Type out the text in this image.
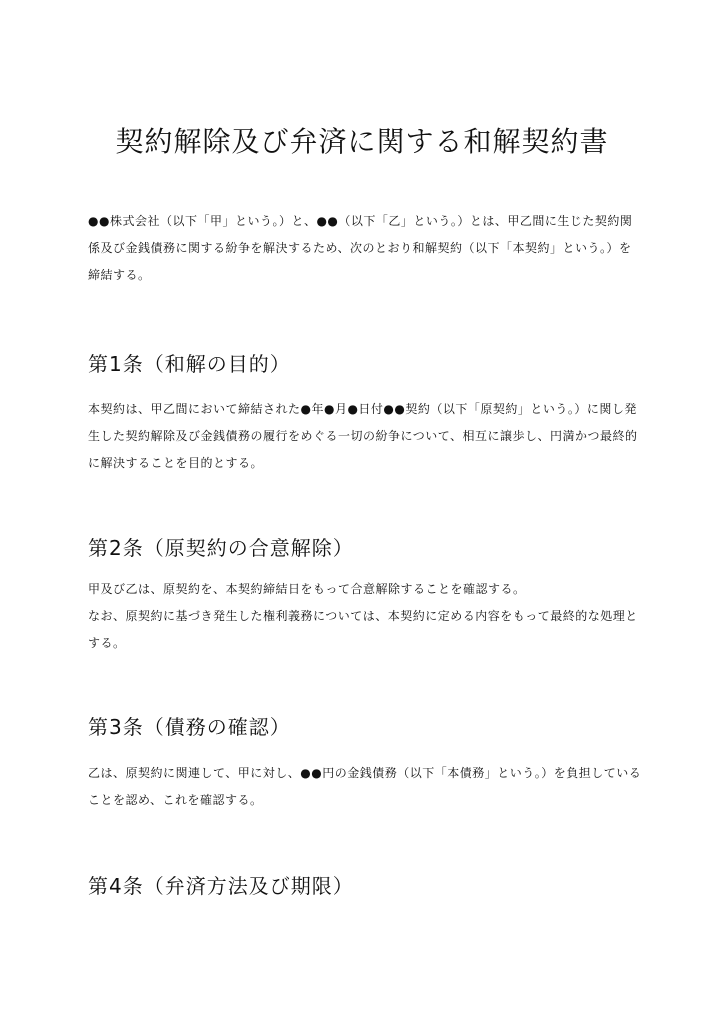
契約解除及び弁済に関する和解契約書

●●株式会社（以下「甲」という。）と、●●（以下「乙」という。）とは、甲乙間に生じた契約関係及び金銭債務に関する紛争を解決するため、次のとおり和解契約（以下「本契約」という。）を締結する。

第1条（和解の目的）

本契約は、甲乙間において締結された●年●月●日付●●契約（以下「原契約」という。）に関し発生した契約解除及び金銭債務の履行をめぐる一切の紛争について、相互に譲歩し、円満かつ最終的に解決することを目的とする。

第2条（原契約の合意解除）

甲及び乙は、原契約を、本契約締結日をもって合意解除することを確認する。

なお、原契約に基づき発生した権利義務については、本契約に定める内容をもって最終的な処理とする。

第3条（債務の確認）

乙は、原契約に関連して、甲に対し、●●円の金銭債務（以下「本債務」という。）を負担していることを認め、これを確認する。

第4条（弁済方法及び期限）
